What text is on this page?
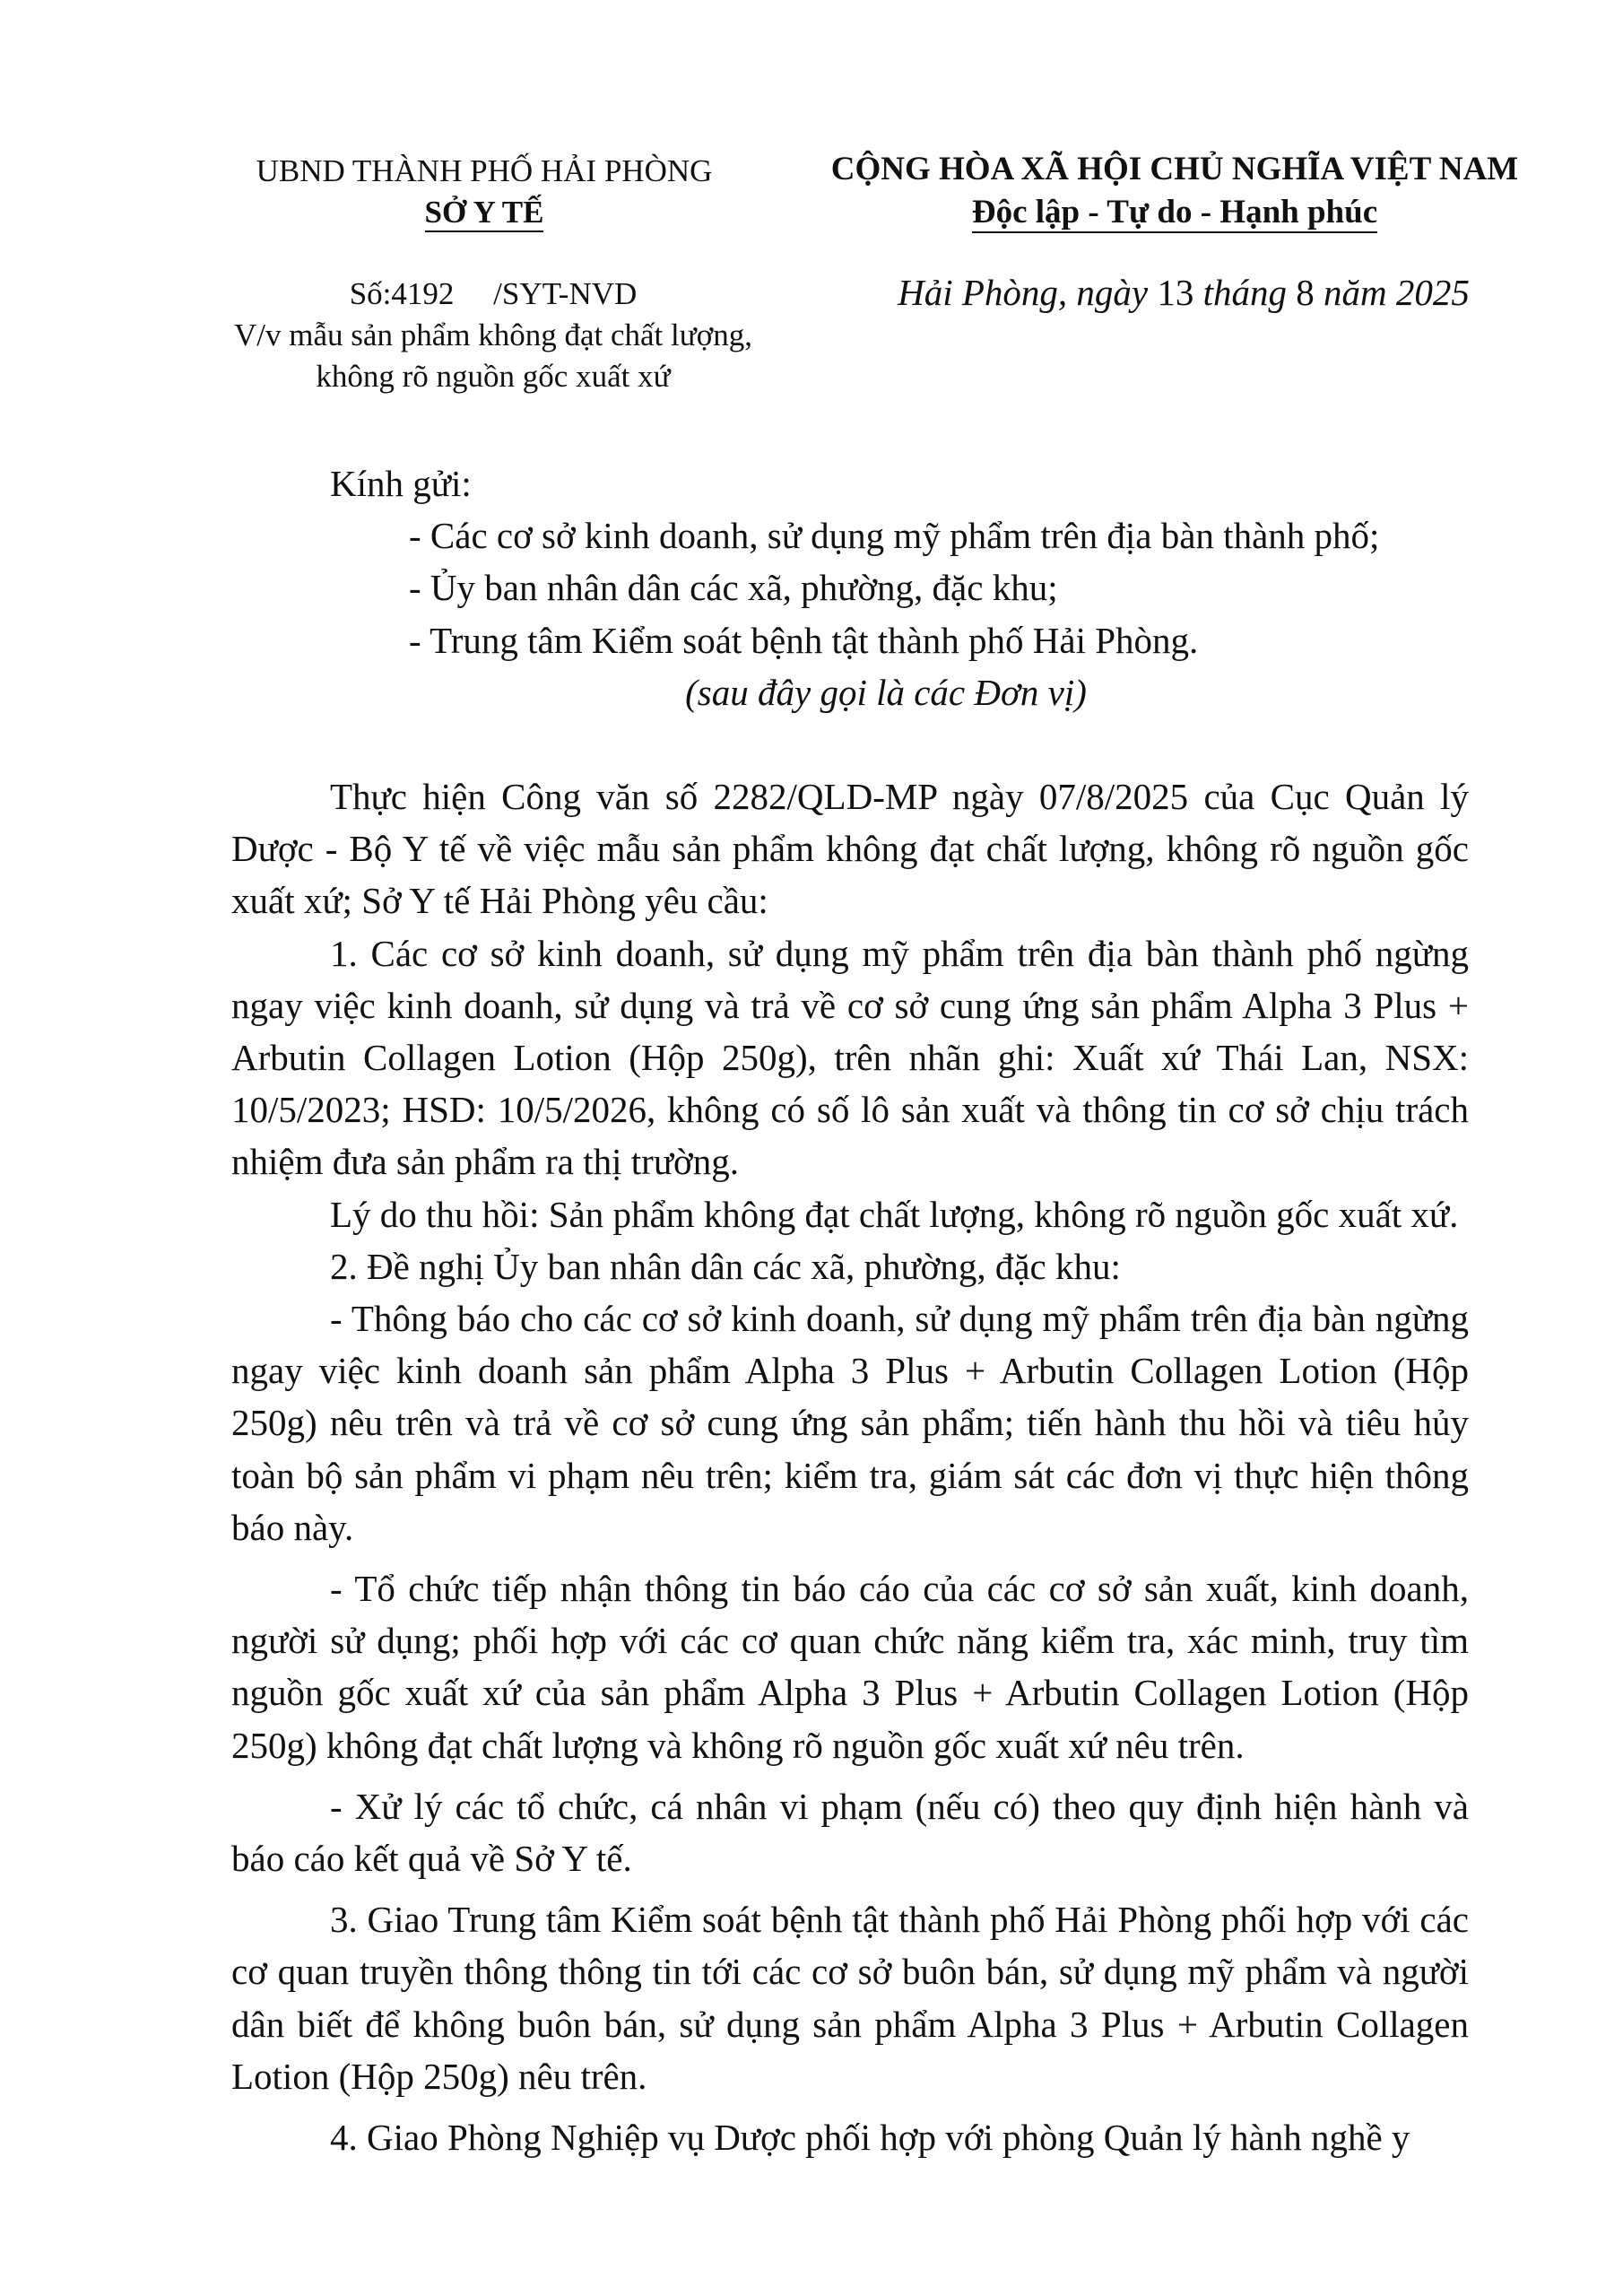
UBND THÀNH PHỐ HẢI PHÒNG
SỞ Y TẾ
CỘNG HÒA XÃ HỘI CHỦ NGHĨA VIỆT NAM
Độc lập - Tự do - Hạnh phúc
Số:4192 /SYT-NVD
V/v mẫu sản phẩm không đạt chất lượng,
không rõ nguồn gốc xuất xứ
Hải Phòng, ngày 13 tháng 8 năm 2025

Kính gửi:

- Các cơ sở kinh doanh, sử dụng mỹ phẩm trên địa bàn thành phố;

- Ủy ban nhân dân các xã, phường, đặc khu;

- Trung tâm Kiểm soát bệnh tật thành phố Hải Phòng.

(sau đây gọi là các Đơn vị)

Thực hiện Công văn số 2282/QLD-MP ngày 07/8/2025 của Cục Quản lý Dược - Bộ Y tế về việc mẫu sản phẩm không đạt chất lượng, không rõ nguồn gốc xuất xứ; Sở Y tế Hải Phòng yêu cầu:

1. Các cơ sở kinh doanh, sử dụng mỹ phẩm trên địa bàn thành phố ngừng ngay việc kinh doanh, sử dụng và trả về cơ sở cung ứng sản phẩm Alpha 3 Plus + Arbutin Collagen Lotion (Hộp 250g), trên nhãn ghi: Xuất xứ Thái Lan, NSX: 10/5/2023; HSD: 10/5/2026, không có số lô sản xuất và thông tin cơ sở chịu trách nhiệm đưa sản phẩm ra thị trường.

Lý do thu hồi: Sản phẩm không đạt chất lượng, không rõ nguồn gốc xuất xứ.

2. Đề nghị Ủy ban nhân dân các xã, phường, đặc khu:

- Thông báo cho các cơ sở kinh doanh, sử dụng mỹ phẩm trên địa bàn ngừng ngay việc kinh doanh sản phẩm Alpha 3 Plus + Arbutin Collagen Lotion (Hộp 250g) nêu trên và trả về cơ sở cung ứng sản phẩm; tiến hành thu hồi và tiêu hủy toàn bộ sản phẩm vi phạm nêu trên; kiểm tra, giám sát các đơn vị thực hiện thông báo này.

- Tổ chức tiếp nhận thông tin báo cáo của các cơ sở sản xuất, kinh doanh, người sử dụng; phối hợp với các cơ quan chức năng kiểm tra, xác minh, truy tìm nguồn gốc xuất xứ của sản phẩm Alpha 3 Plus + Arbutin Collagen Lotion (Hộp 250g) không đạt chất lượng và không rõ nguồn gốc xuất xứ nêu trên.

- Xử lý các tổ chức, cá nhân vi phạm (nếu có) theo quy định hiện hành và báo cáo kết quả về Sở Y tế.

3. Giao Trung tâm Kiểm soát bệnh tật thành phố Hải Phòng phối hợp với các cơ quan truyền thông thông tin tới các cơ sở buôn bán, sử dụng mỹ phẩm và người dân biết để không buôn bán, sử dụng sản phẩm Alpha 3 Plus + Arbutin Collagen Lotion (Hộp 250g) nêu trên.

4. Giao Phòng Nghiệp vụ Dược phối hợp với phòng Quản lý hành nghề y
